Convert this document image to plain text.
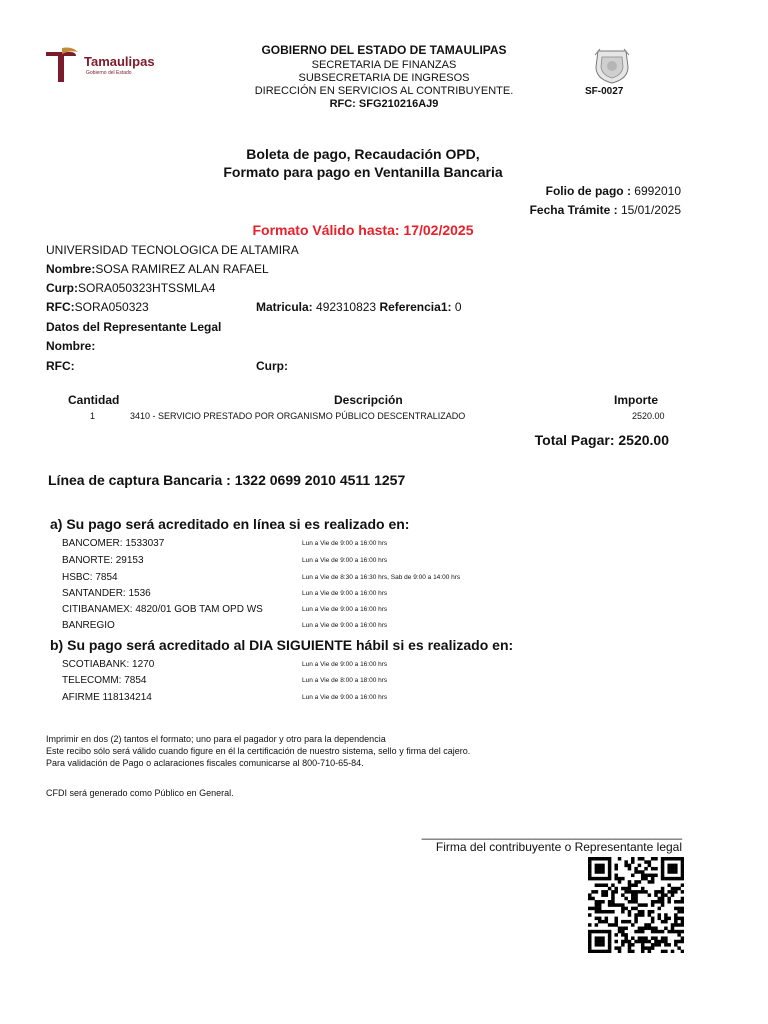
Tamaulipas
Gobierno del Estado
GOBIERNO DEL ESTADO DE TAMAULIPAS
SECRETARIA DE FINANZAS
SUBSECRETARIA DE INGRESOS
DIRECCIÓN EN SERVICIOS AL CONTRIBUYENTE.
RFC: SFG210216AJ9
SF-0027
Boleta de pago, Recaudación OPD,
Formato para pago en Ventanilla Bancaria
Folio de pago : 6992010
Fecha Trámite : 15/01/2025
Formato Válido hasta: 17/02/2025
UNIVERSIDAD TECNOLOGICA DE ALTAMIRA
Nombre:SOSA RAMIREZ ALAN RAFAEL
Curp:SORA050323HTSSMLA4
RFC:SORA050323	Matricula: 492310823 Referencia1: 0
Datos del Representante Legal
Nombre:
RFC:	Curp:
Cantidad	Descripción	Importe
1	3410 - SERVICIO PRESTADO POR ORGANISMO PÚBLICO DESCENTRALIZADO	2520.00
Total Pagar: 2520.00
Línea de captura Bancaria : 1322 0699 2010 4511 1257
a) Su pago será acreditado en línea si es realizado en:
BANCOMER: 1533037	Lun a Vie de 9:00 a 16:00 hrs
BANORTE: 29153	Lun a Vie de 9:00 a 16:00 hrs
HSBC: 7854	Lun a Vie de 8:30 a 16:30 hrs, Sab de 9:00 a 14:00 hrs
SANTANDER: 1536	Lun a Vie de 9:00 a 16:00 hrs
CITIBANAMEX: 4820/01 GOB TAM OPD WS	Lun a Vie de 9:00 a 16:00 hrs
BANREGIO	Lun a Vie de 9:00 a 16:00 hrs
b) Su pago será acreditado al DIA SIGUIENTE hábil si es realizado en:
SCOTIABANK: 1270	Lun a Vie de 9:00 a 16:00 hrs
TELECOMM: 7854	Lun a Vie de 8:00 a 18:00 hrs
AFIRME 118134214	Lun a Vie de 9:00 a 16:00 hrs
Imprimir en dos (2) tantos el formato; uno para el pagador y otro para la dependencia
Este recibo sólo será válido cuando figure en él la certificación de nuestro sistema, sello y firma del cajero.
Para validación de Pago o aclaraciones fiscales comunicarse al 800-710-65-84.
CFDI será generado como Público en General.
_______________________________________
Firma del contribuyente o Representante legal
